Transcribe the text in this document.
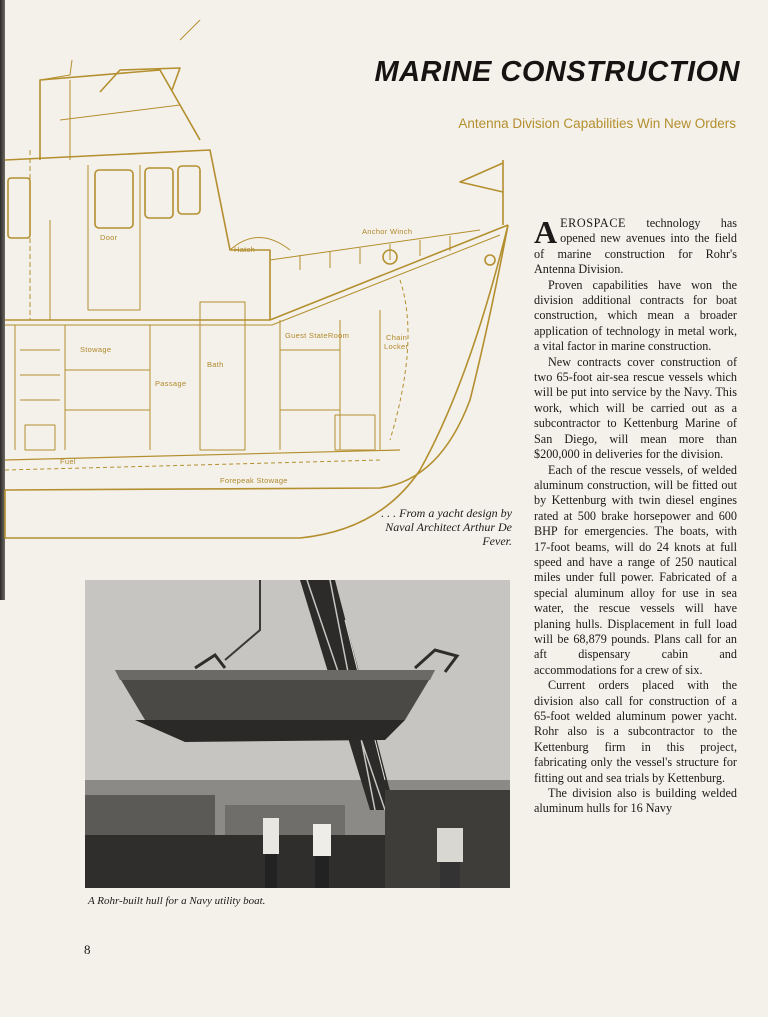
MARINE CONSTRUCTION
Antenna Division Capabilities Win New Orders
Door
Hatch
Anchor Winch
Stowage
Bath
Passage
Guest StateRoom	Chain
Locker
Fuel
Forepeak Stowage
. . . From a yacht design by Naval Architect Arthur De Fever.
A Rohr-built hull for a Navy utility boat.

AEROSPACE technology has opened new avenues into the field of marine construction for Rohr's Antenna Division.

Proven capabilities have won the division additional contracts for boat construction, which mean a broader application of technology in metal work, a vital factor in marine construction.

New contracts cover construction of two 65-foot air-sea rescue vessels which will be put into service by the Navy. This work, which will be carried out as a subcontractor to Kettenburg Marine of San Diego, will mean more than $200,000 in deliveries for the division.

Each of the rescue vessels, of welded aluminum construction, will be fitted out by Kettenburg with twin diesel engines rated at 500 brake horsepower and 600 BHP for emergencies. The boats, with 17-foot beams, will do 24 knots at full speed and have a range of 250 nautical miles under full power. Fabricated of a special aluminum alloy for use in sea water, the rescue vessels will have planing hulls. Displacement in full load will be 68,879 pounds. Plans call for an aft dispensary cabin and accommodations for a crew of six.

Current orders placed with the division also call for construction of a 65-foot welded aluminum power yacht. Rohr also is a subcontractor to the Kettenburg firm in this project, fabricating only the vessel's structure for fitting out and sea trials by Kettenburg.

The division also is building welded aluminum hulls for 16 Navy

8
